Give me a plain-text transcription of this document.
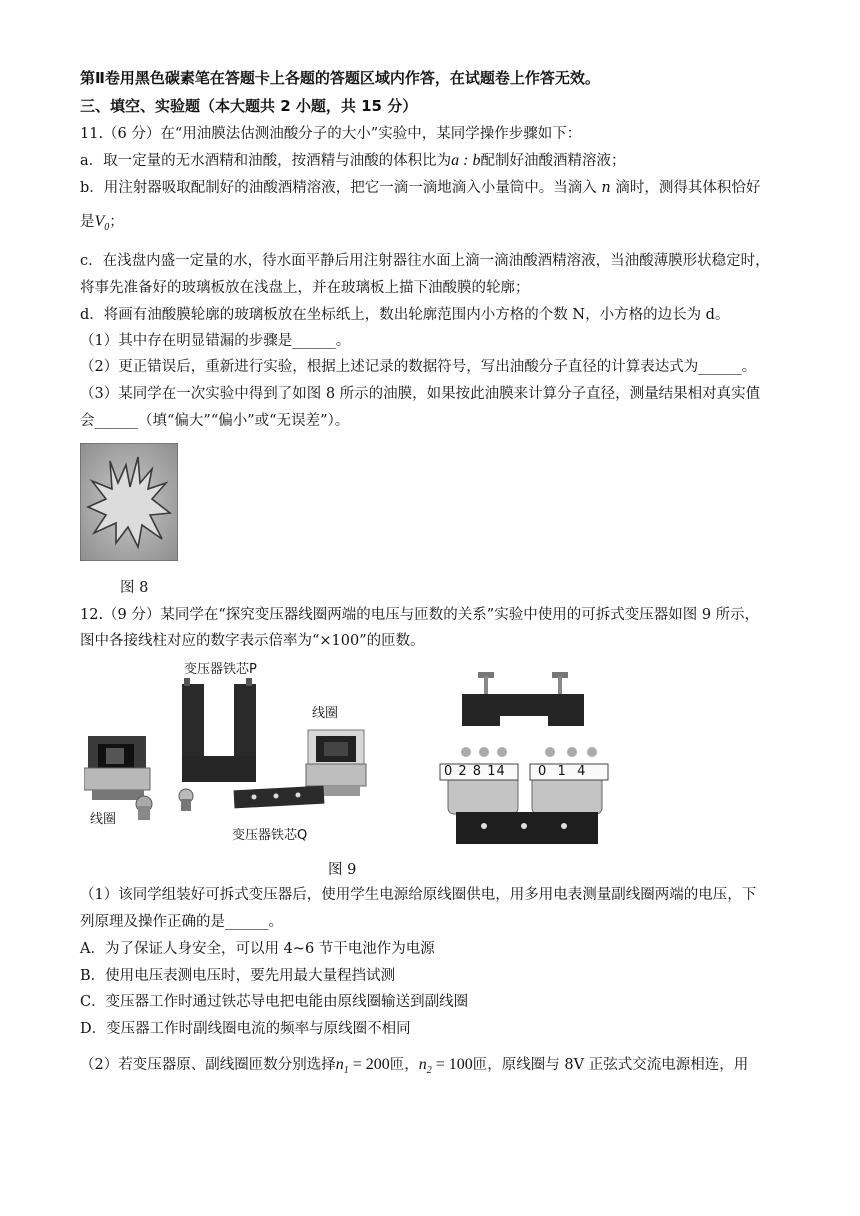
第Ⅱ卷用黑色碳素笔在答题卡上各题的答题区域内作答，在试题卷上作答无效。
三、填空、实验题（本大题共 2 小题，共 15 分）
11.（6 分）在“用油膜法估测油酸分子的大小”实验中，某同学操作步骤如下：
a．取一定量的无水酒精和油酸，按酒精与油酸的体积比为a : b配制好油酸酒精溶液；
b．用注射器吸取配制好的油酸酒精溶液，把它一滴一滴地滴入小量筒中。当滴入 n 滴时，测得其体积恰好
是$V_0$；
c．在浅盘内盛一定量的水，待水面平静后用注射器往水面上滴一滴油酸酒精溶液，当油酸薄膜形状稳定时，
将事先准备好的玻璃板放在浅盘上，并在玻璃板上描下油酸膜的轮廓；
d．将画有油酸膜轮廓的玻璃板放在坐标纸上，数出轮廓范围内小方格的个数 N，小方格的边长为 d。
（1）其中存在明显错漏的步骤是______。
（2）更正错误后，重新进行实验，根据上述记录的数据符号，写出油酸分子直径的计算表达式为______。
（3）某同学在一次实验中得到了如图 8 所示的油膜，如果按此油膜来计算分子直径，测量结果相对真实值
会______（填“偏大”“偏小”或“无误差”）。
图 8
12.（9 分）某同学在“探究变压器线圈两端的电压与匝数的关系”实验中使用的可拆式变压器如图 9 所示，
图中各接线柱对应的数字表示倍率为“×100”的匝数。
变压器铁芯P
线圈
线圈
变压器铁芯Q
0 2 8 14 0  1  4
图 9
（1）该同学组装好可拆式变压器后，使用学生电源给原线圈供电，用多用电表测量副线圈两端的电压，下
列原理及操作正确的是______。
A．为了保证人身安全，可以用 4~6 节干电池作为电源
B．使用电压表测电压时，要先用最大量程挡试测
C．变压器工作时通过铁芯导电把电能由原线圈输送到副线圈
D．变压器工作时副线圈电流的频率与原线圈不相同
（2）若变压器原、副线圈匝数分别选择$n_1 = 200$匝，$n_2 = 100$匝，原线圈与 8V 正弦式交流电源相连，用
